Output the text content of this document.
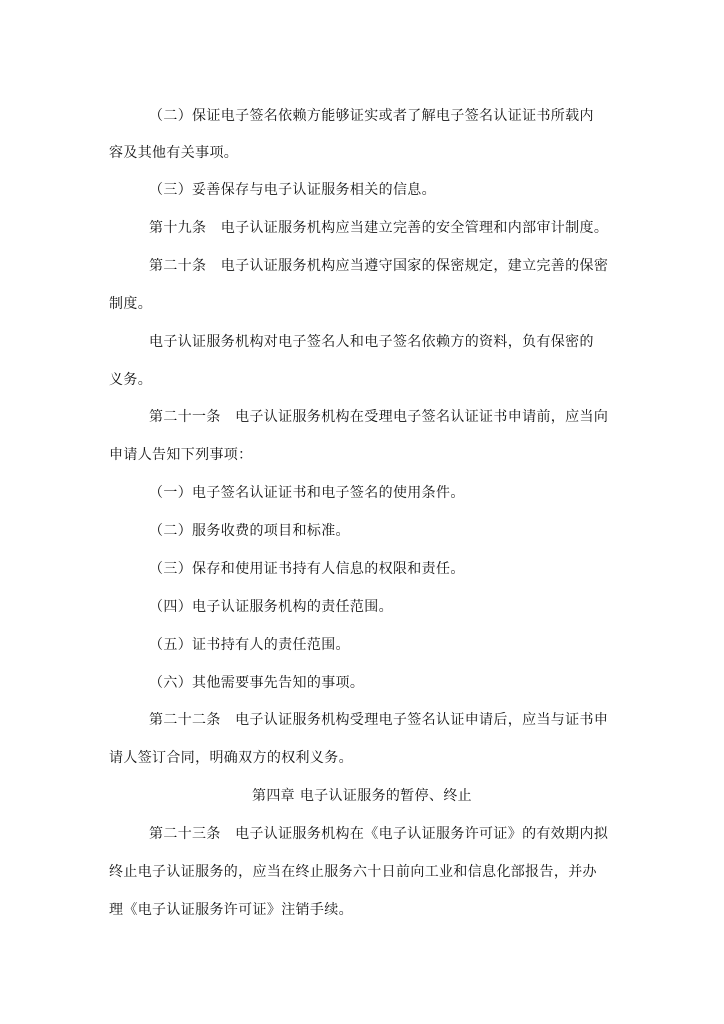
（二）保证电子签名依赖方能够证实或者了解电子签名认证证书所载内
容及其他有关事项。
（三）妥善保存与电子认证服务相关的信息。
第十九条　电子认证服务机构应当建立完善的安全管理和内部审计制度。
第二十条　电子认证服务机构应当遵守国家的保密规定，建立完善的保密
制度。
电子认证服务机构对电子签名人和电子签名依赖方的资料，负有保密的
义务。
第二十一条　电子认证服务机构在受理电子签名认证证书申请前，应当向
申请人告知下列事项：
（一）电子签名认证证书和电子签名的使用条件。
（二）服务收费的项目和标准。
（三）保存和使用证书持有人信息的权限和责任。
（四）电子认证服务机构的责任范围。
（五）证书持有人的责任范围。
（六）其他需要事先告知的事项。
第二十二条　电子认证服务机构受理电子签名认证申请后，应当与证书申
请人签订合同，明确双方的权利义务。
第四章 电子认证服务的暂停、终止
第二十三条　电子认证服务机构在《电子认证服务许可证》的有效期内拟
终止电子认证服务的，应当在终止服务六十日前向工业和信息化部报告，并办
理《电子认证服务许可证》注销手续。
